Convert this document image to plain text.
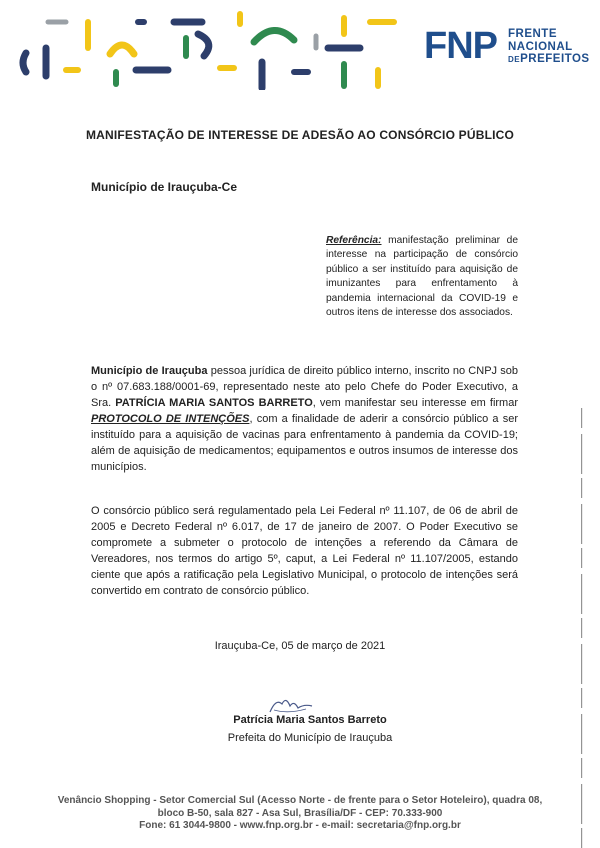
FNP FRENTE
NACIONAL
DEPREFEITOS
MANIFESTAÇÃO DE INTERESSE DE ADESÃO AO CONSÓRCIO PÚBLICO
Município de Irauçuba-Ce
Referência: manifestação preliminar de interesse na participação de consórcio público a ser instituído para aquisição de imunizantes para enfrentamento à pandemia internacional da COVID-19 e outros itens de interesse dos associados.
Município de Irauçuba pessoa jurídica de direito público interno, inscrito no CNPJ sob o nº 07.683.188/0001-69, representado neste ato pelo Chefe do Poder Executivo, a Sra. PATRÍCIA MARIA SANTOS BARRETO, vem manifestar seu interesse em firmar PROTOCOLO DE INTENÇÕES, com a finalidade de aderir a consórcio público a ser instituído para a aquisição de vacinas para enfrentamento à pandemia da COVID-19; além de aquisição de medicamentos; equipamentos e outros insumos de interesse dos municípios.
O consórcio público será regulamentado pela Lei Federal nº 11.107, de 06 de abril de 2005 e Decreto Federal nº 6.017, de 17 de janeiro de 2007. O Poder Executivo se compromete a submeter o protocolo de intenções a referendo da Câmara de Vereadores, nos termos do artigo 5º, caput, a Lei Federal nº 11.107/2005, estando ciente que após a ratificação pela Legislativo Municipal, o protocolo de intenções será convertido em contrato de consórcio público.
Irauçuba-Ce, 05 de março de 2021
Patrícia Maria Santos Barreto
Prefeita do Município de Irauçuba
Venâncio Shopping - Setor Comercial Sul (Acesso Norte - de frente para o Setor Hoteleiro), quadra 08,
bloco B-50, sala 827 - Asa Sul, Brasília/DF - CEP: 70.333-900
Fone: 61 3044-9800 - www.fnp.org.br - e-mail: secretaria@fnp.org.br
